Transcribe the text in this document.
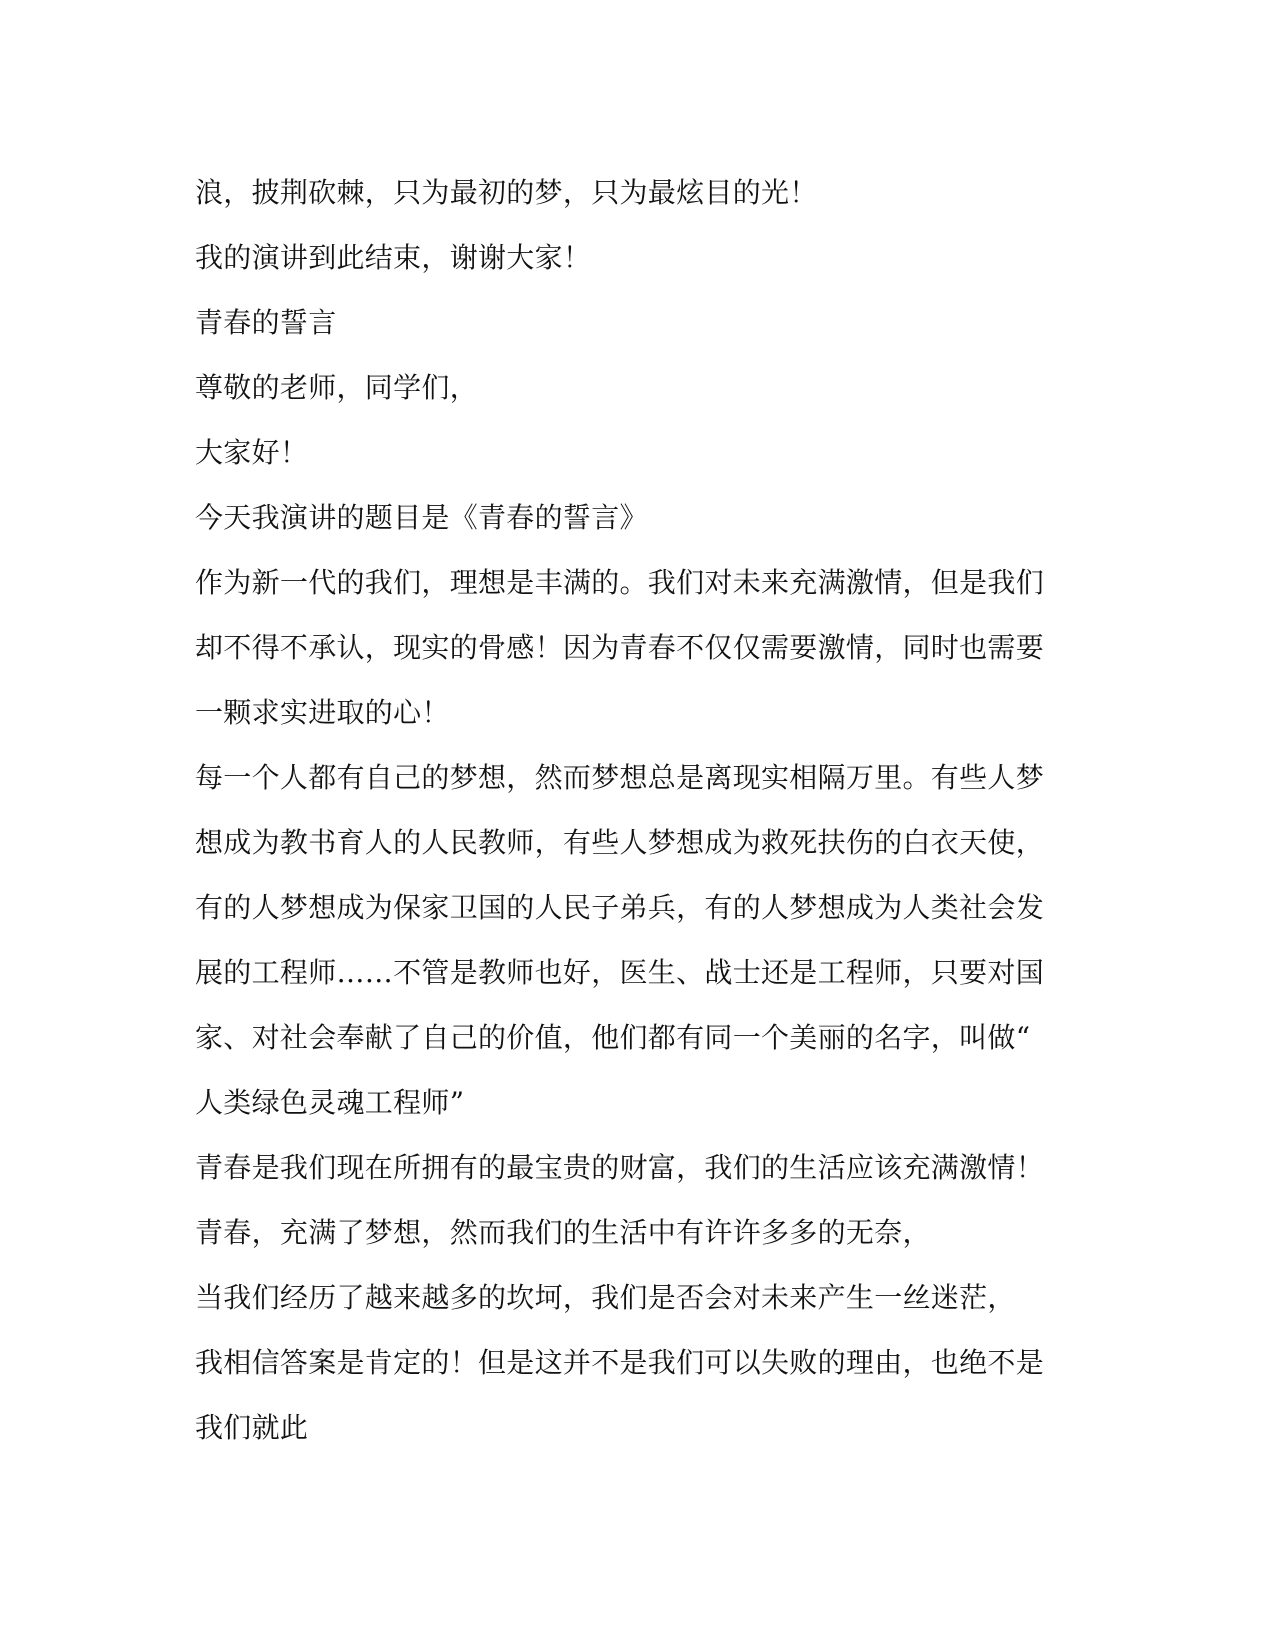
浪，披荆砍棘，只为最初的梦，只为最炫目的光！
我的演讲到此结束，谢谢大家！
青春的誓言
尊敬的老师，同学们，
大家好！
今天我演讲的题目是《青春的誓言》
作为新一代的我们，理想是丰满的。我们对未来充满激情，但是我们
却不得不承认，现实的骨感！因为青春不仅仅需要激情，同时也需要
一颗求实进取的心！
每一个人都有自己的梦想，然而梦想总是离现实相隔万里。有些人梦
想成为教书育人的人民教师，有些人梦想成为救死扶伤的白衣天使，
有的人梦想成为保家卫国的人民子弟兵，有的人梦想成为人类社会发
展的工程师……不管是教师也好，医生、战士还是工程师，只要对国
家、对社会奉献了自己的价值，他们都有同一个美丽的名字，叫做“
人类绿色灵魂工程师”
青春是我们现在所拥有的最宝贵的财富，我们的生活应该充满激情！
青春，充满了梦想，然而我们的生活中有许许多多的无奈，
当我们经历了越来越多的坎坷，我们是否会对未来产生一丝迷茫，
我相信答案是肯定的！但是这并不是我们可以失败的理由，也绝不是
我们就此
